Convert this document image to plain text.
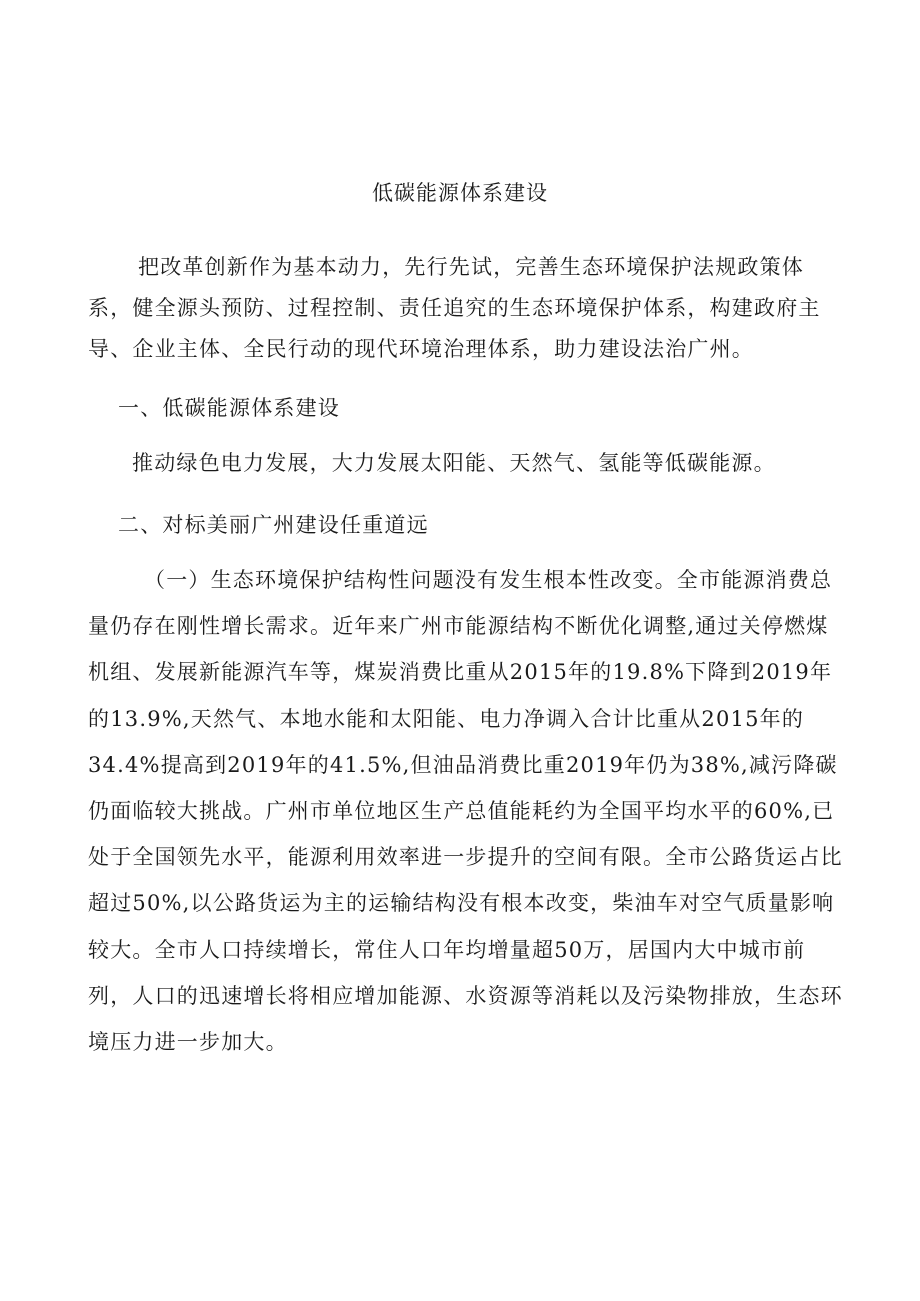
低碳能源体系建设

把改革创新作为基本动力，先行先试，完善生态环境保护法规政策体系，健全源头预防、过程控制、责任追究的生态环境保护体系，构建政府主导、企业主体、全民行动的现代环境治理体系，助力建设法治广州。

一、低碳能源体系建设

推动绿色电力发展，大力发展太阳能、天然气、氢能等低碳能源。

二、对标美丽广州建设任重道远

（一）生态环境保护结构性问题没有发生根本性改变。全市能源消费总量仍存在刚性增长需求。近年来广州市能源结构不断优化调整,通过关停燃煤机组、发展新能源汽车等，煤炭消费比重从2015年的19.8%下降到2019年的13.9%,天然气、本地水能和太阳能、电力净调入合计比重从2015年的34.4%提高到2019年的41.5%,但油品消费比重2019年仍为38%,减污降碳仍面临较大挑战。广州市单位地区生产总值能耗约为全国平均水平的60%,已处于全国领先水平，能源利用效率进一步提升的空间有限。全市公路货运占比超过50%,以公路货运为主的运输结构没有根本改变，柴油车对空气质量影响较大。全市人口持续增长，常住人口年均增量超50万，居国内大中城市前列，人口的迅速增长将相应增加能源、水资源等消耗以及污染物排放，生态环境压力进一步加大。
